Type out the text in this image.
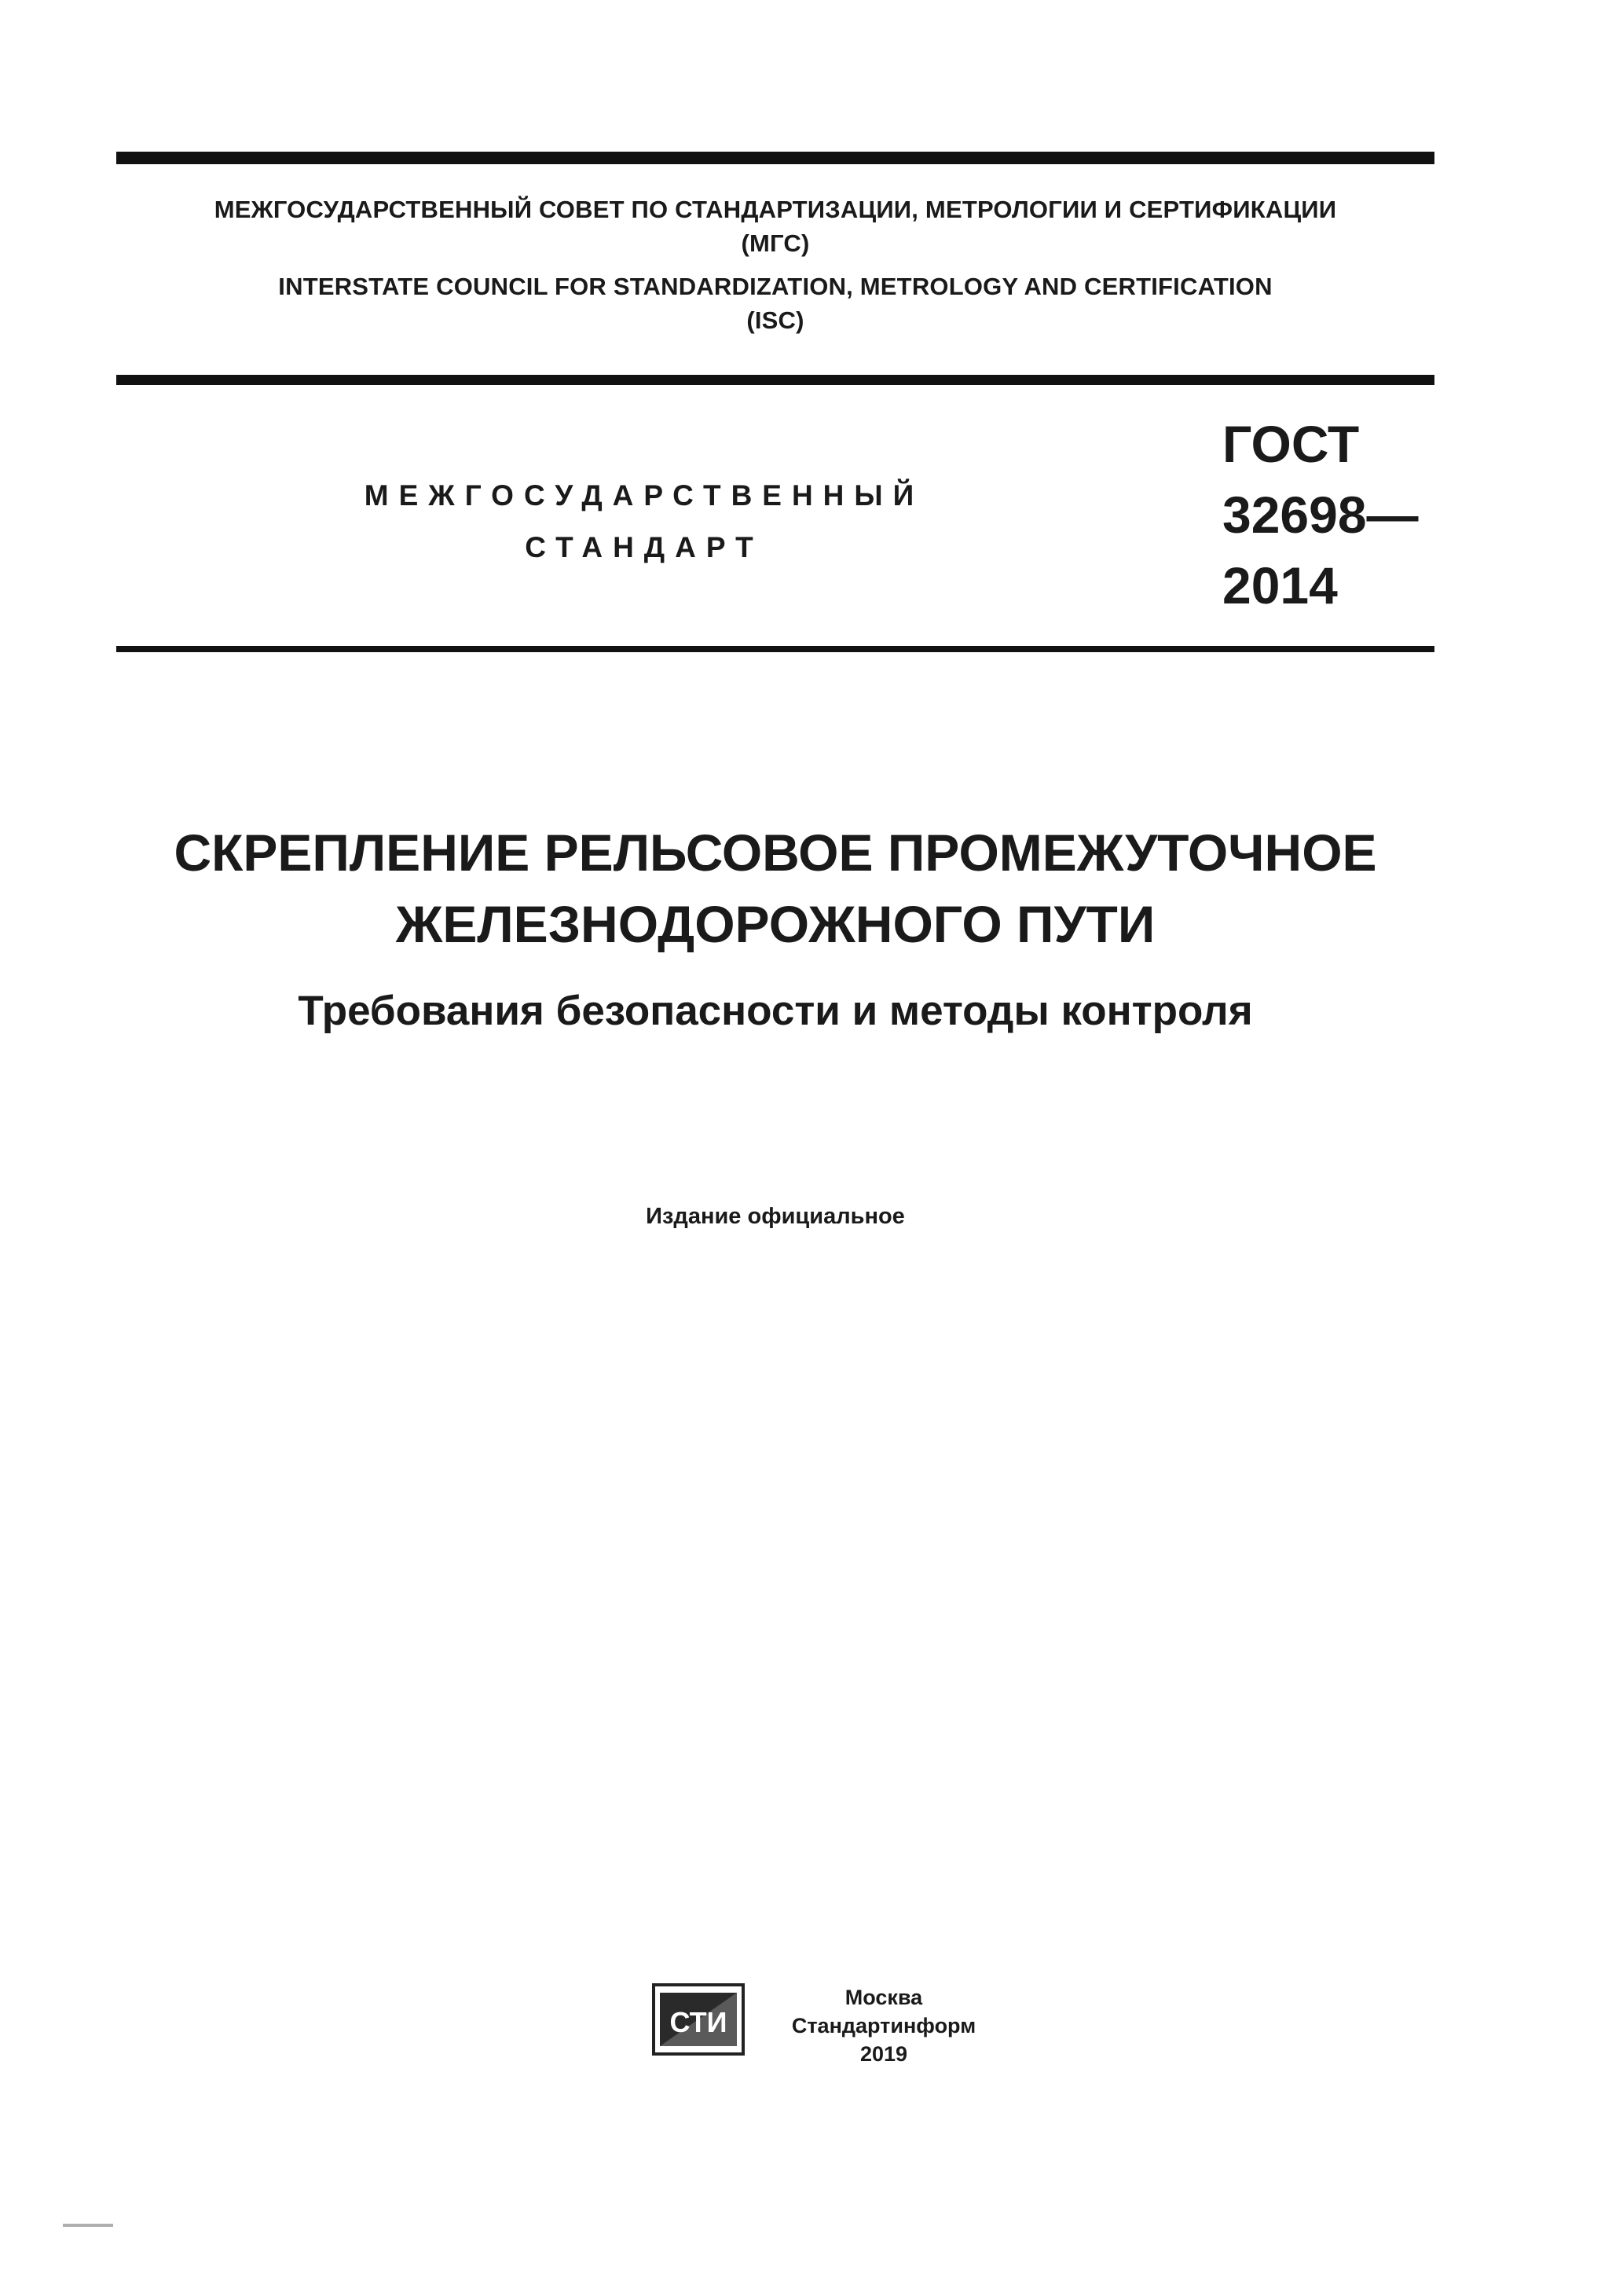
МЕЖГОСУДАРСТВЕННЫЙ СОВЕТ ПО СТАНДАРТИЗАЦИИ, МЕТРОЛОГИИ И СЕРТИФИКАЦИИ
(МГС)
INTERSTATE COUNCIL FOR STANDARDIZATION, METROLOGY AND CERTIFICATION
(ISC)
МЕЖГОСУДАРСТВЕННЫЙ
СТАНДАРТ
ГОСТ
32698—
2014
СКРЕПЛЕНИЕ РЕЛЬСОВОЕ ПРОМЕЖУТОЧНОЕ
ЖЕЛЕЗНОДОРОЖНОГО ПУТИ
Требования безопасности и методы контроля
Издание официальное
СТИ
Москва
Стандартинформ
2019
